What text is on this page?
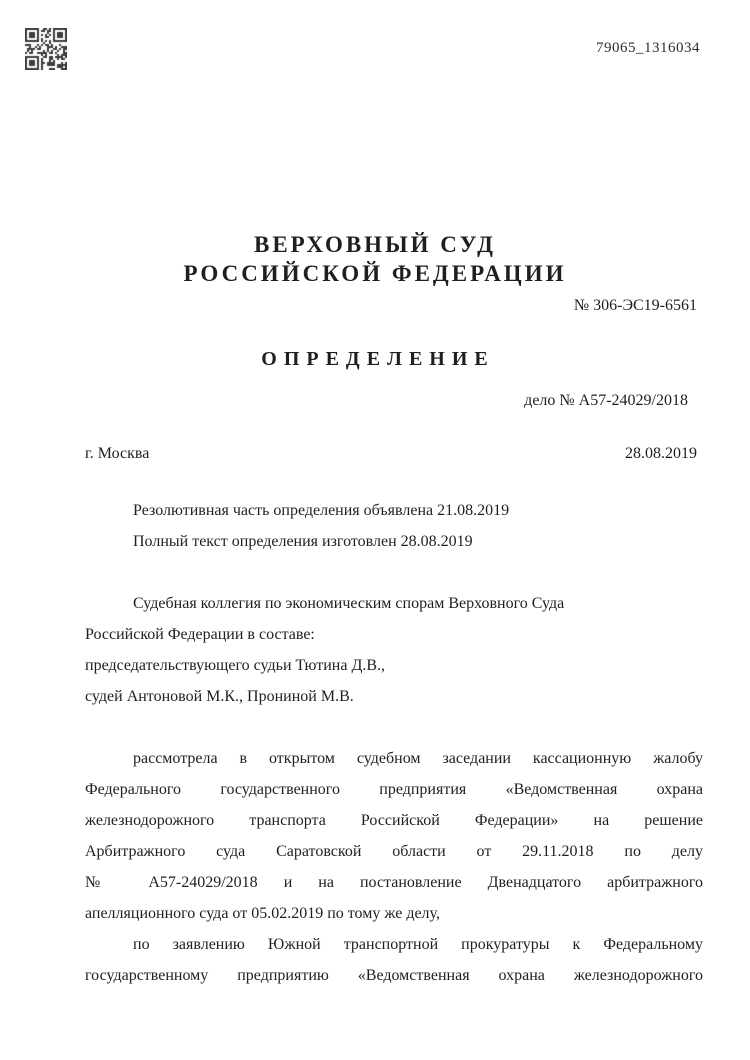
79065_1316034
ВЕРХОВНЫЙ СУД
РОССИЙСКОЙ ФЕДЕРАЦИИ
№ 306-ЭС19-6561
О П Р Е Д Е Л Е Н И Е
дело № А57-24029/2018
г. Москва	28.08.2019
Резолютивная часть определения объявлена 21.08.2019
Полный текст определения изготовлен 28.08.2019
Судебная коллегия по экономическим спорам Верховного Суда
Российской Федерации в составе:
председательствующего судьи Тютина Д.В.,
судей Антоновой М.К., Прониной М.В.
рассмотрела в открытом судебном заседании кассационную жалобу
Федерального государственного предприятия «Ведомственная охрана
железнодорожного транспорта Российской Федерации» на решение
Арбитражного суда Саратовской области от 29.11.2018 по делу
№ А57-24029/2018 и на постановление Двенадцатого арбитражного
апелляционного суда от 05.02.2019 по тому же делу,
по заявлению Южной транспортной прокуратуры к Федеральному
государственному предприятию «Ведомственная охрана железнодорожного
